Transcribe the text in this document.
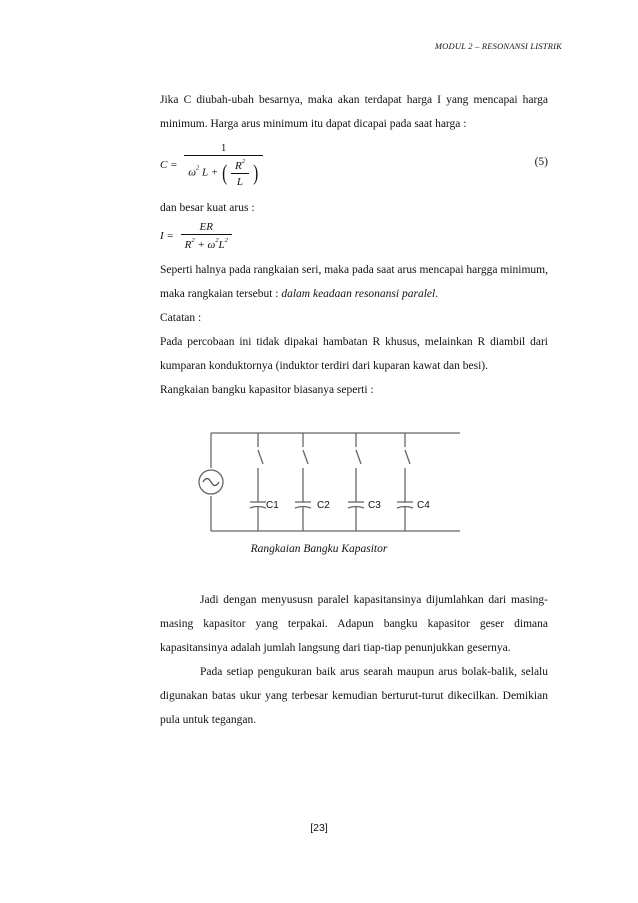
MODUL 2 – RESONANSI LISTRIK

Jika C diubah-ubah besarnya, maka akan terdapat harga I yang mencapai harga minimum. Harga arus minimum itu dapat dicapai pada saat harga :

C =
1
$\omega^2$ L + ( $\frac{R^2}{L}$ )	(5)
dan besar kuat arus :
$I = \frac{ER}{R^2 + \omega^2L^2}$

Seperti halnya pada rangkaian seri, maka pada saat arus mencapai hargga minimum, maka rangkaian tersebut : dalam keadaan resonansi paralel.

Catatan :

Pada percobaan ini tidak dipakai hambatan R khusus, melainkan R diambil dari kumparan konduktornya (induktor terdiri dari kuparan kawat dan besi).

Rangkaian bangku kapasitor biasanya seperti :

C1	C2	C3	C4
Rangkaian Bangku Kapasitor

Jadi dengan menyususn paralel kapasitansinya dijumlahkan dari masing-masing kapasitor yang terpakai. Adapun bangku kapasitor geser dimana kapasitansinya adalah jumlah langsung dari tiap-tiap penunjukkan gesernya.

Pada setiap pengukuran baik arus searah maupun arus bolak-balik, selalu digunakan batas ukur yang terbesar kemudian berturut-turut dikecilkan. Demikian pula untuk tegangan.

[23]
